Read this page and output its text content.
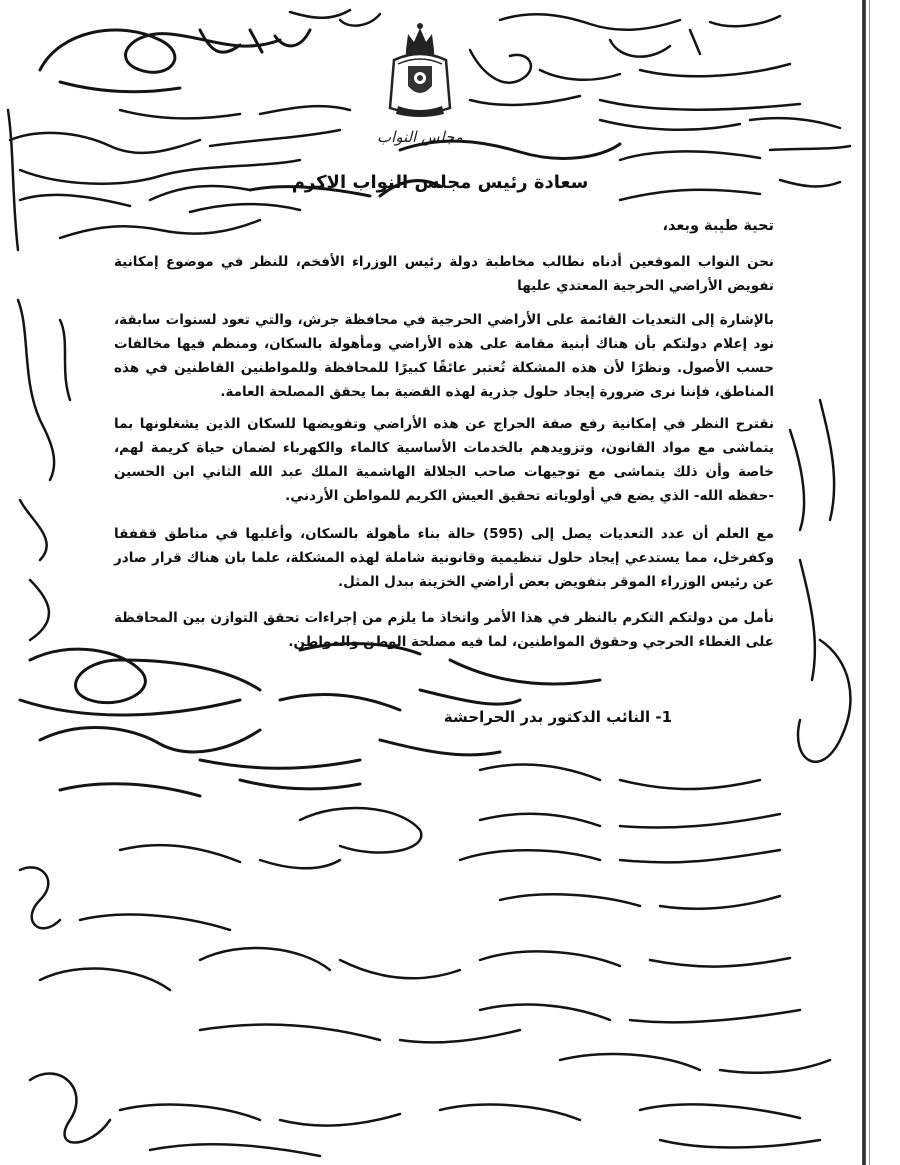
مجلس النواب
سعادة رئيس مجلس النواب الاكرم
تحية طيبة وبعد،

نحن النواب الموقعين أدناه نطالب مخاطبة دولة رئيس الوزراء الأفخم، للنظر في موضوع إمكانية تفويض الأراضي الحرجية المعتدي عليها

بالإشارة إلى التعديات القائمة على الأراضي الحرجية في محافظة جرش، والتي تعود لسنوات سابقة، نود إعلام دولتكم بأن هناك أبنية مقامة على هذه الأراضي ومأهولة بالسكان، ومنظم فيها مخالفات حسب الأصول. ونظرًا لأن هذه المشكلة تُعتبر عائقًا كبيرًا للمحافظة وللمواطنين القاطنين في هذه المناطق، فإننا نرى ضرورة إيجاد حلول جذرية لهذه القضية بما يحقق المصلحة العامة.

نقترح النظر في إمكانية رفع صفة الحراج عن هذه الأراضي وتفويضها للسكان الذين يشغلونها بما يتماشى مع مواد القانون، وتزويدهم بالخدمات الأساسية كالماء والكهرباء لضمان حياة كريمة لهم، خاصة وأن ذلك يتماشى مع توجيهات صاحب الجلالة الهاشمية الملك عبد الله الثاني ابن الحسين -حفظه الله- الذي يضع في أولوياته تحقيق العيش الكريم للمواطن الأردني.

مع العلم أن عدد التعديات يصل إلى (595) حالة بناء مأهولة بالسكان، وأغلبها في مناطق ققفقا وكفرخل، مما يستدعي إيجاد حلول تنظيمية وقانونية شاملة لهذه المشكلة، علما بان هناك قرار صادر عن رئيس الوزراء الموقر بتفويض بعض أراضي الخزينة ببدل المثل.

نأمل من دولتكم التكرم بالنظر في هذا الأمر واتخاذ ما يلزم من إجراءات تحقق التوازن بين المحافظة على الغطاء الحرجي وحقوق المواطنين، لما فيه مصلحة الوطن والمواطن.

1- النائب الدكتور بدر الحراحشة
